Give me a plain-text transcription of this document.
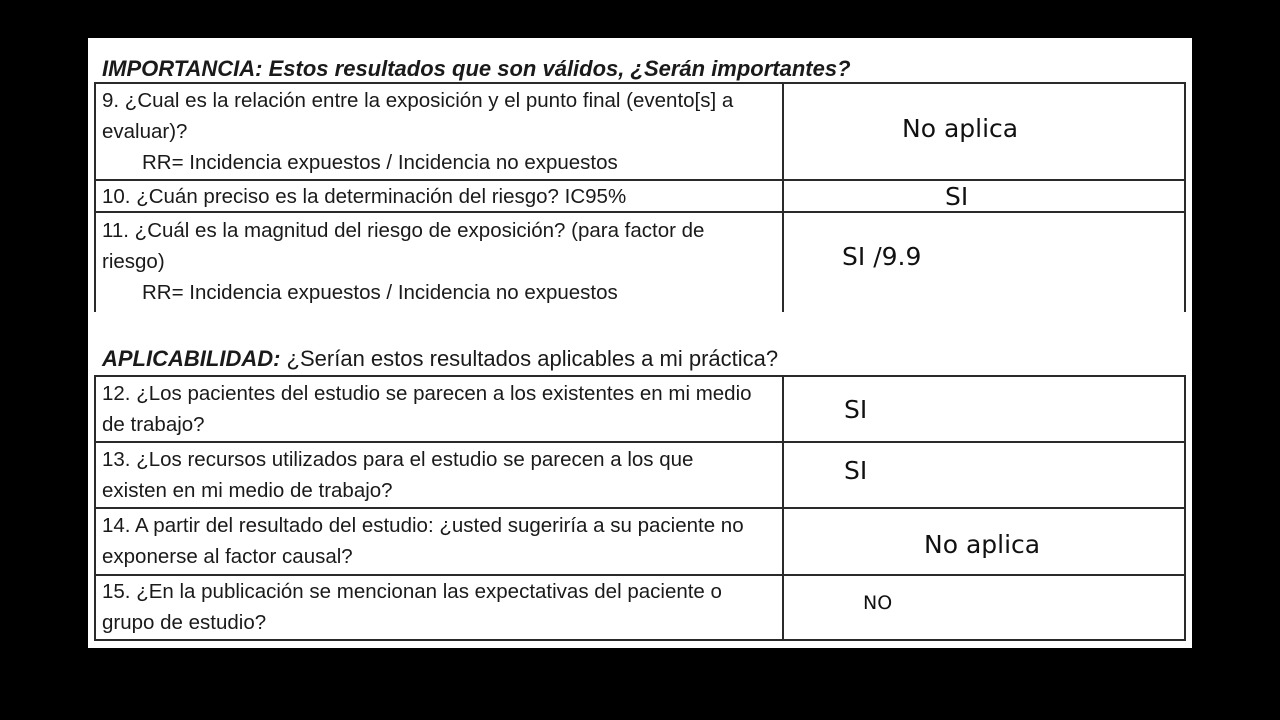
IMPORTANCIA: Estos resultados que son válidos, ¿Serán importantes?
9. ¿Cual es la relación entre la exposición y el punto final (evento[s] a
evaluar)?
RR= Incidencia expuestos / Incidencia no expuestos
No aplica
10. ¿Cuán preciso es la determinación del riesgo? IC95%	SI
11. ¿Cuál es la magnitud del riesgo de exposición? (para factor de
riesgo)
RR= Incidencia expuestos / Incidencia no expuestos
SI /9.9
APLICABILIDAD: ¿Serían estos resultados aplicables a mi práctica?
12. ¿Los pacientes del estudio se parecen a los existentes en mi medio
de trabajo?
SI
13. ¿Los recursos utilizados para el estudio se parecen a los que
existen en mi medio de trabajo?
SI
14. A partir del resultado del estudio: ¿usted sugeriría a su paciente no
exponerse al factor causal?	No aplica
15. ¿En la publicación se mencionan las expectativas del paciente o
grupo de estudio?
NO
